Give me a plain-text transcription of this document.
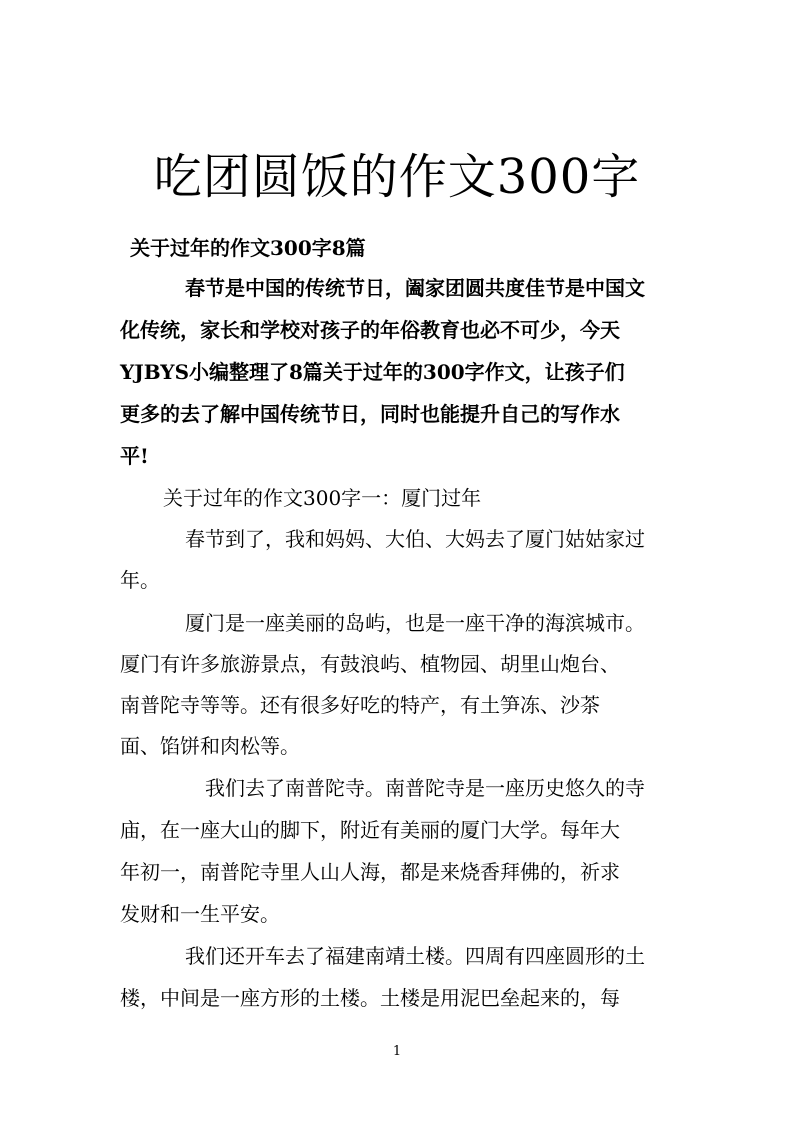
吃团圆饭的作文300字
关于过年的作文300字8篇
春节是中国的传统节日，阖家团圆共度佳节是中国文
化传统，家长和学校对孩子的年俗教育也必不可少，今天
YJBYS小编整理了8篇关于过年的300字作文，让孩子们
更多的去了解中国传统节日，同时也能提升自己的写作水
平!
关于过年的作文300字一：厦门过年
春节到了，我和妈妈、大伯、大妈去了厦门姑姑家过
年。
厦门是一座美丽的岛屿，也是一座干净的海滨城市。
厦门有许多旅游景点，有鼓浪屿、植物园、胡里山炮台、
南普陀寺等等。还有很多好吃的特产，有土笋冻、沙茶
面、馅饼和肉松等。
我们去了南普陀寺。南普陀寺是一座历史悠久的寺
庙，在一座大山的脚下，附近有美丽的厦门大学。每年大
年初一，南普陀寺里人山人海，都是来烧香拜佛的，祈求
发财和一生平安。
我们还开车去了福建南靖土楼。四周有四座圆形的土
楼，中间是一座方形的土楼。土楼是用泥巴垒起来的，每
1
